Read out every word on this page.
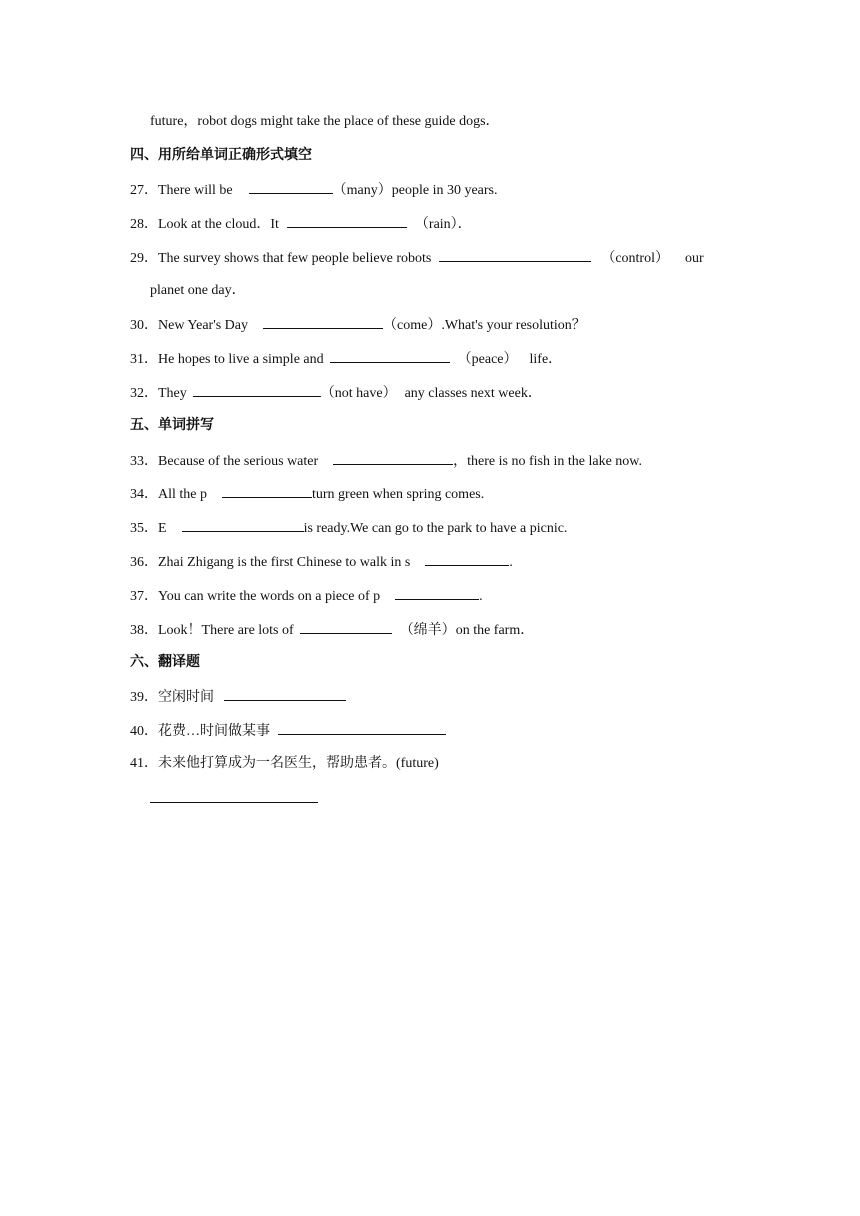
future，robot dogs might take the place of these guide dogs．
四、用所给单词正确形式填空
27．There will be	（many）people in 30 years.
28．Look at the cloud．It	（rain）．
29．The survey shows that few people believe robots	（control） our
planet one day．
30．New Year's Day	（come）.What's your resolution？
31．He hopes to live a simple and	（peace） life．
32．They	（not have） any classes next week．
五、单词拼写
33．Because of the serious water	，there is no fish in the lake now.
34．All the p	turn green when spring comes.
35．E	is ready.We can go to the park to have a picnic.
36．Zhai Zhigang is the first Chinese to walk in s	.
37．You can write the words on a piece of p	.
38．Look！There are lots of	（绵羊）on the farm．
六、翻译题
39．空闲时间
40．花费…时间做某事
41．未来他打算成为一名医生，帮助患者。(future)
